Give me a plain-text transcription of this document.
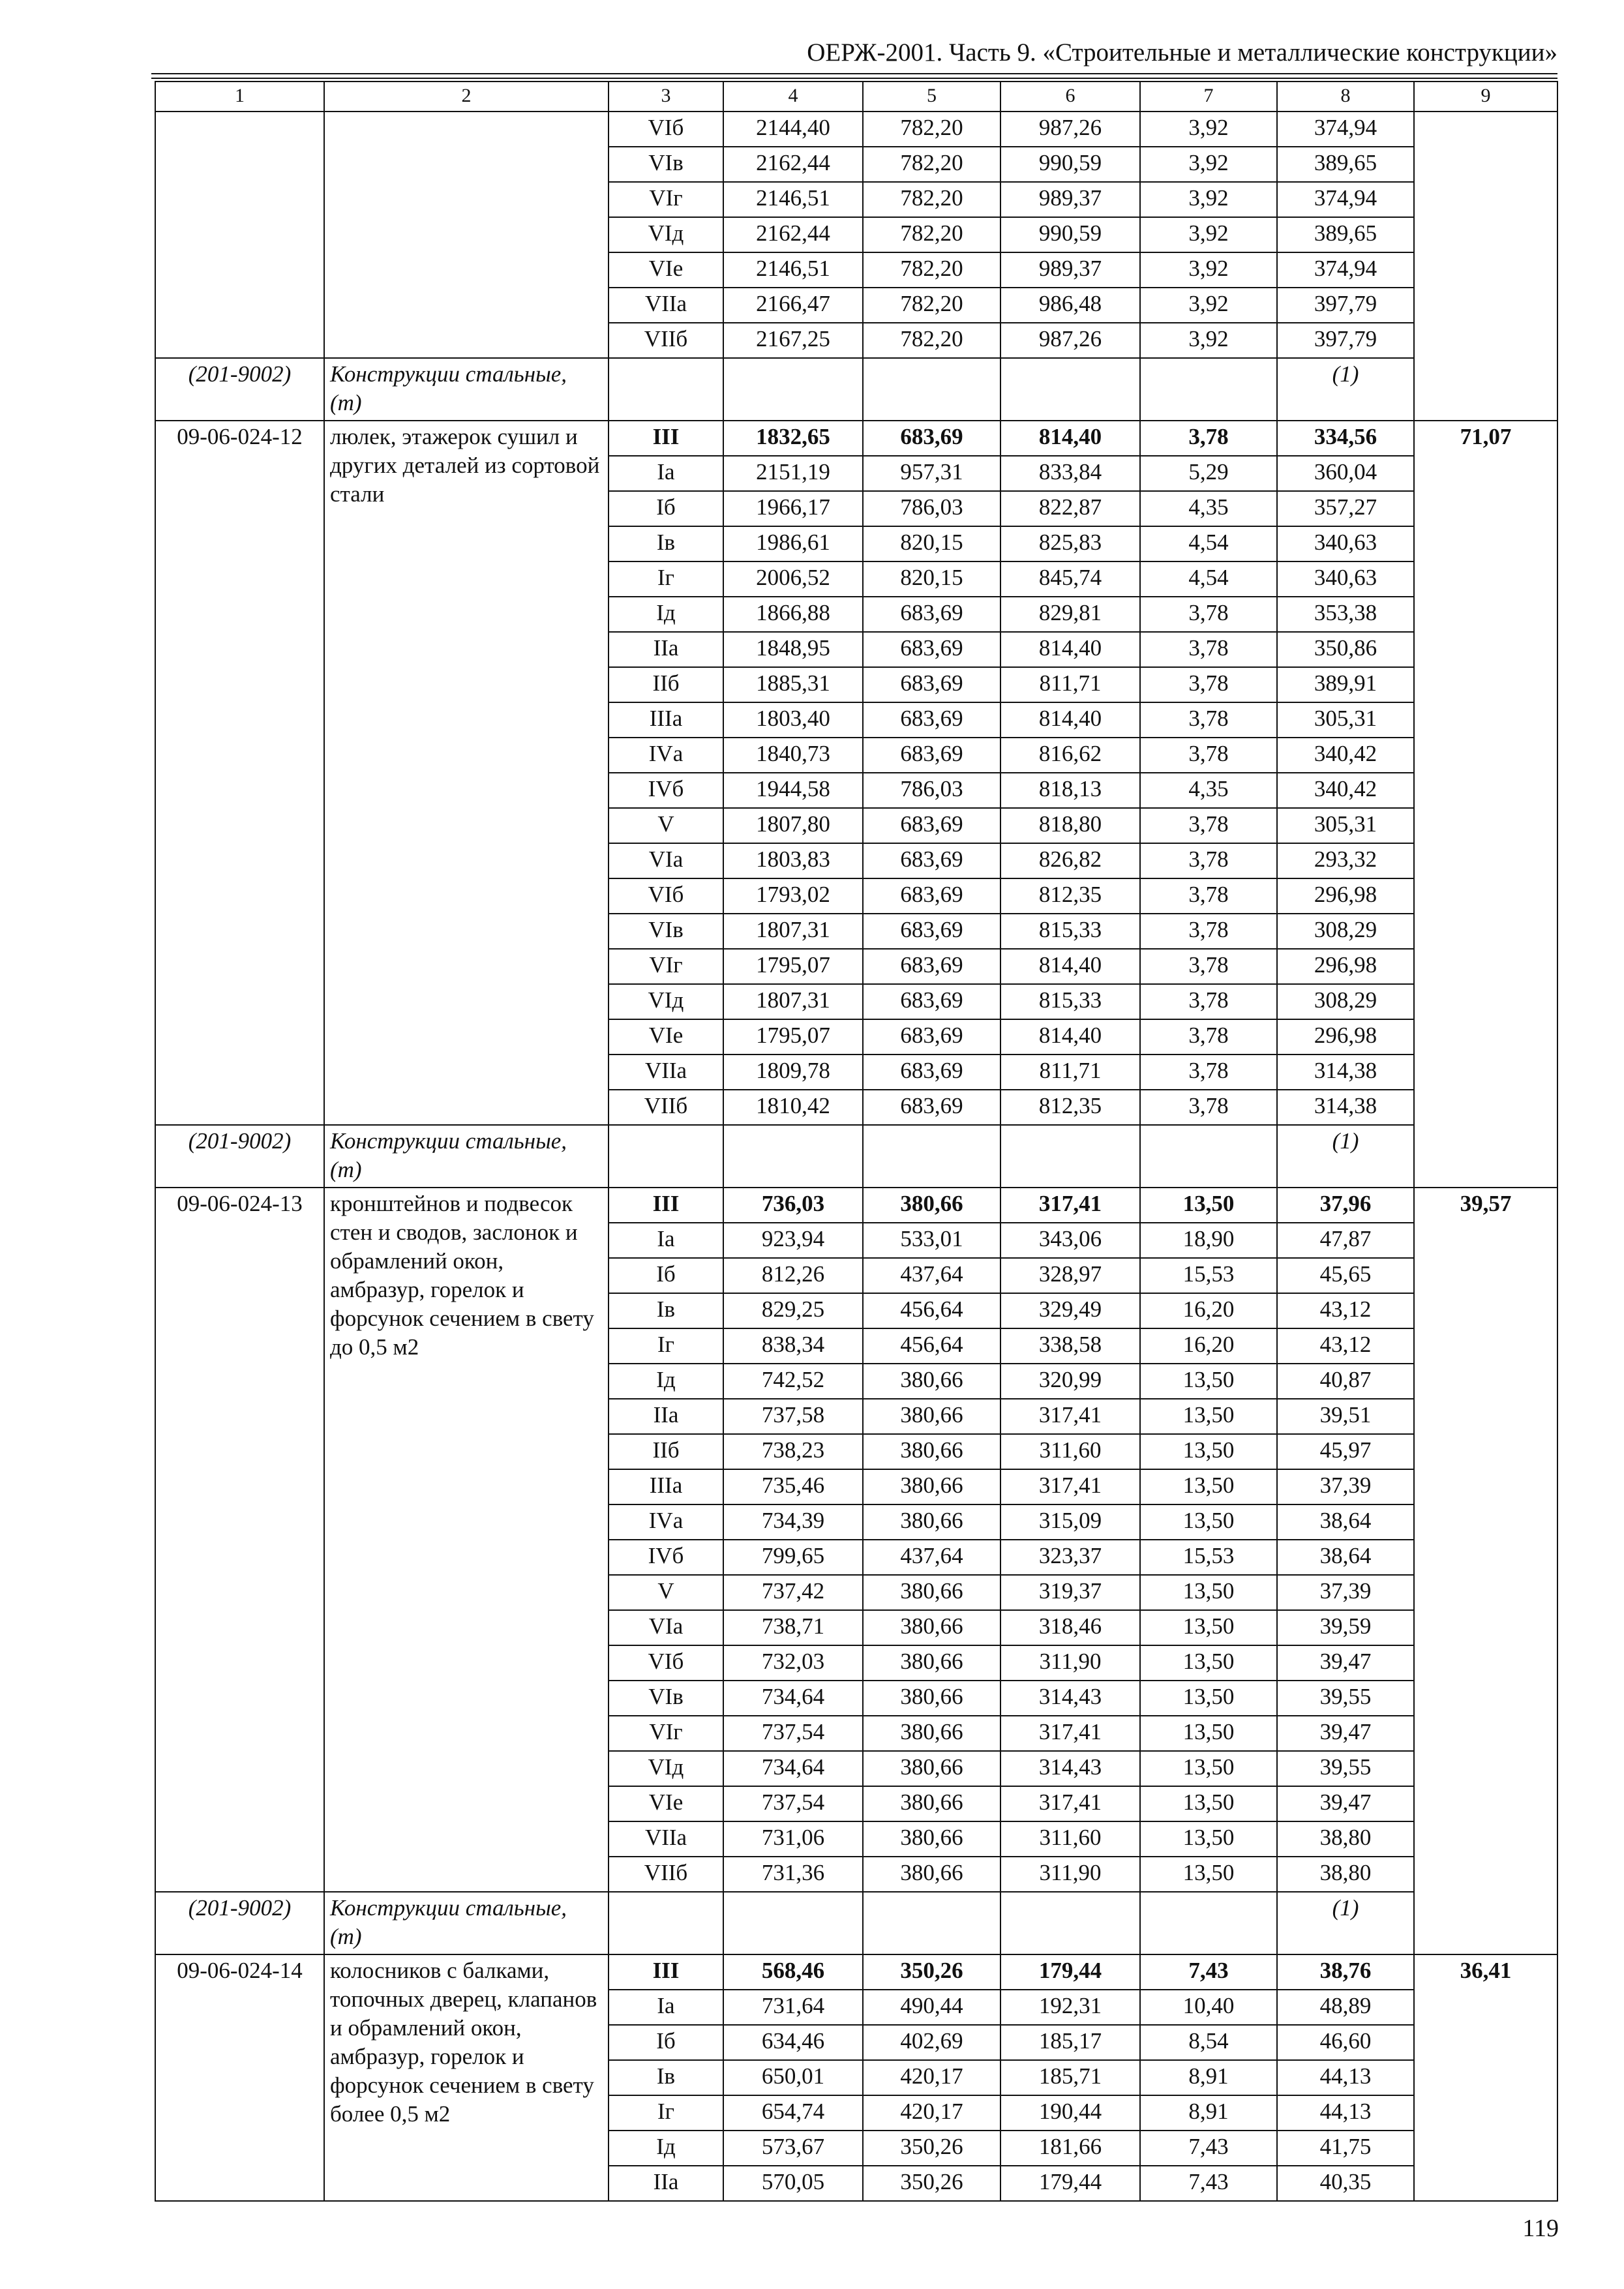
ОЕРЖ-2001. Часть 9. «Строительные и металлические конструкции»
1	2	3	4	5	6	7	8	9
		VIб	2144,40	782,20	987,26	3,92	374,94	
		VIв	2162,44	782,20	990,59	3,92	389,65	
		VIг	2146,51	782,20	989,37	3,92	374,94	
		VIд	2162,44	782,20	990,59	3,92	389,65	
		VIе	2146,51	782,20	989,37	3,92	374,94	
		VIIа	2166,47	782,20	986,48	3,92	397,79	
		VIIб	2167,25	782,20	987,26	3,92	397,79	
(201-9002)	Конструкции стальные, (т)						(1)	
09-06-024-12	люлек, этажерок сушил и других деталей из сортовой стали	III	1832,65	683,69	814,40	3,78	334,56	71,07
		Iа	2151,19	957,31	833,84	5,29	360,04	
		Iб	1966,17	786,03	822,87	4,35	357,27	
		Iв	1986,61	820,15	825,83	4,54	340,63	
		Iг	2006,52	820,15	845,74	4,54	340,63	
		Iд	1866,88	683,69	829,81	3,78	353,38	
		IIа	1848,95	683,69	814,40	3,78	350,86	
		IIб	1885,31	683,69	811,71	3,78	389,91	
		IIIа	1803,40	683,69	814,40	3,78	305,31	
		IVа	1840,73	683,69	816,62	3,78	340,42	
		IVб	1944,58	786,03	818,13	4,35	340,42	
		V	1807,80	683,69	818,80	3,78	305,31	
		VIа	1803,83	683,69	826,82	3,78	293,32	
		VIб	1793,02	683,69	812,35	3,78	296,98	
		VIв	1807,31	683,69	815,33	3,78	308,29	
		VIг	1795,07	683,69	814,40	3,78	296,98	
		VIд	1807,31	683,69	815,33	3,78	308,29	
		VIе	1795,07	683,69	814,40	3,78	296,98	
		VIIа	1809,78	683,69	811,71	3,78	314,38	
		VIIб	1810,42	683,69	812,35	3,78	314,38	
(201-9002)	Конструкции стальные, (т)						(1)	
09-06-024-13	кронштейнов и подвесок стен и сводов, заслонок и обрамлений окон, амбразур, горелок и форсунок сечением в свету до 0,5 м2	III	736,03	380,66	317,41	13,50	37,96	39,57
		Iа	923,94	533,01	343,06	18,90	47,87	
		Iб	812,26	437,64	328,97	15,53	45,65	
		Iв	829,25	456,64	329,49	16,20	43,12	
		Iг	838,34	456,64	338,58	16,20	43,12	
		Iд	742,52	380,66	320,99	13,50	40,87	
		IIа	737,58	380,66	317,41	13,50	39,51	
		IIб	738,23	380,66	311,60	13,50	45,97	
		IIIа	735,46	380,66	317,41	13,50	37,39	
		IVа	734,39	380,66	315,09	13,50	38,64	
		IVб	799,65	437,64	323,37	15,53	38,64	
		V	737,42	380,66	319,37	13,50	37,39	
		VIа	738,71	380,66	318,46	13,50	39,59	
		VIб	732,03	380,66	311,90	13,50	39,47	
		VIв	734,64	380,66	314,43	13,50	39,55	
		VIг	737,54	380,66	317,41	13,50	39,47	
		VIд	734,64	380,66	314,43	13,50	39,55	
		VIе	737,54	380,66	317,41	13,50	39,47	
		VIIа	731,06	380,66	311,60	13,50	38,80	
		VIIб	731,36	380,66	311,90	13,50	38,80	
(201-9002)	Конструкции стальные, (т)						(1)	
09-06-024-14	колосников с балками, топочных дверец, клапанов и обрамлений окон, амбразур, горелок и форсунок сечением в свету более 0,5 м2	III	568,46	350,26	179,44	7,43	38,76	36,41
		Iа	731,64	490,44	192,31	10,40	48,89	
		Iб	634,46	402,69	185,17	8,54	46,60	
		Iв	650,01	420,17	185,71	8,91	44,13	
		Iг	654,74	420,17	190,44	8,91	44,13	
		Iд	573,67	350,26	181,66	7,43	41,75	
		IIа	570,05	350,26	179,44	7,43	40,35	
119
